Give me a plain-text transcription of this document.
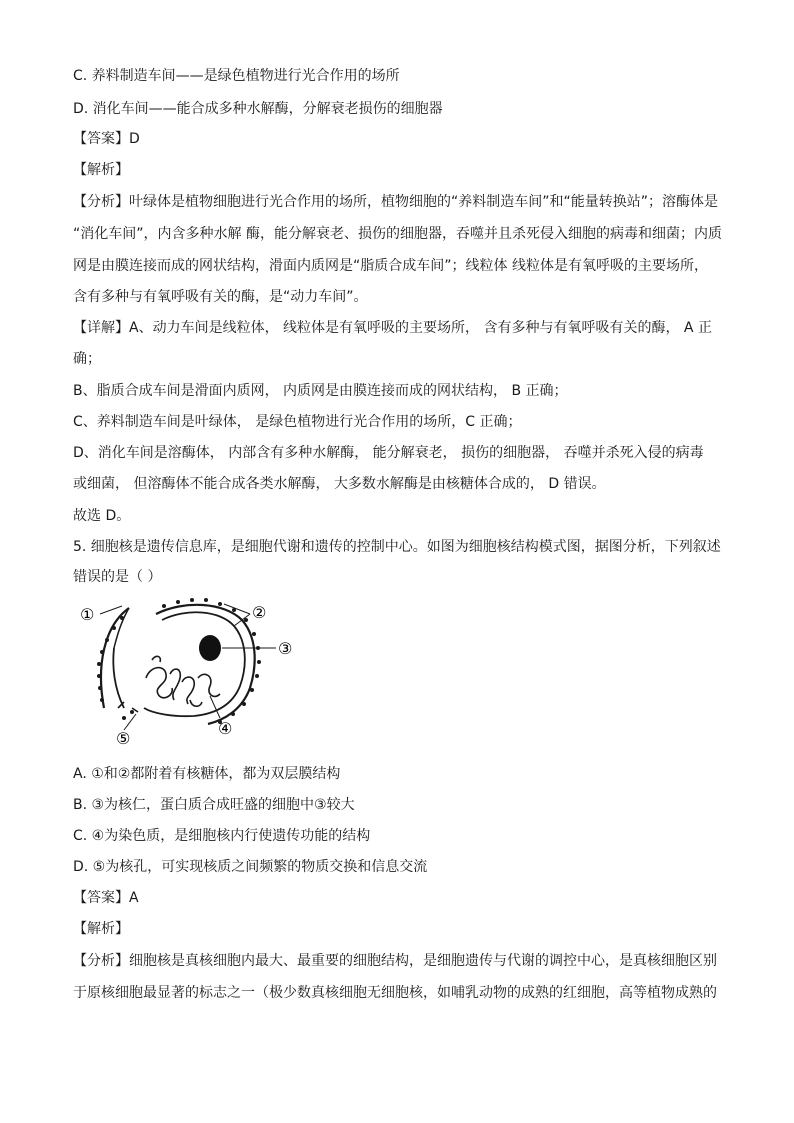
C. 养料制造车间——是绿色植物进行光合作用的场所
D. 消化车间——能合成多种水解酶，分解衰老损伤的细胞器
【答案】D
【解析】
【分析】叶绿体是植物细胞进行光合作用的场所，植物细胞的“养料制造车间”和“能量转换站”；溶酶体是
“消化车间”，内含多种水解 酶，能分解衰老、损伤的细胞器，吞噬并且杀死侵入细胞的病毒和细菌；内质
网是由膜连接而成的网状结构，滑面内质网是“脂质合成车间”；线粒体 线粒体是有氧呼吸的主要场所，
含有多种与有氧呼吸有关的酶，是“动力车间”。
【详解】A、动力车间是线粒体， 线粒体是有氧呼吸的主要场所， 含有多种与有氧呼吸有关的酶， A 正
确；
B、脂质合成车间是滑面内质网， 内质网是由膜连接而成的网状结构， B 正确；
C、养料制造车间是叶绿体， 是绿色植物进行光合作用的场所，C 正确；
D、消化车间是溶酶体， 内部含有多种水解酶， 能分解衰老， 损伤的细胞器， 吞噬并杀死入侵的病毒
或细菌， 但溶酶体不能合成各类水解酶， 大多数水解酶是由核糖体合成的， D 错误。
故选 D。
5. 细胞核是遗传信息库，是细胞代谢和遗传的控制中心。如图为细胞核结构模式图，据图分析，下列叙述
错误的是（ ）
①	②
③
④
⑤
A. ①和②都附着有核糖体，都为双层膜结构
B. ③为核仁，蛋白质合成旺盛的细胞中③较大
C. ④为染色质，是细胞核内行使遗传功能的结构
D. ⑤为核孔，可实现核质之间频繁的物质交换和信息交流
【答案】A
【解析】
【分析】细胞核是真核细胞内最大、最重要的细胞结构，是细胞遗传与代谢的调控中心，是真核细胞区别
于原核细胞最显著的标志之一（极少数真核细胞无细胞核，如哺乳动物的成熟的红细胞，高等植物成熟的
